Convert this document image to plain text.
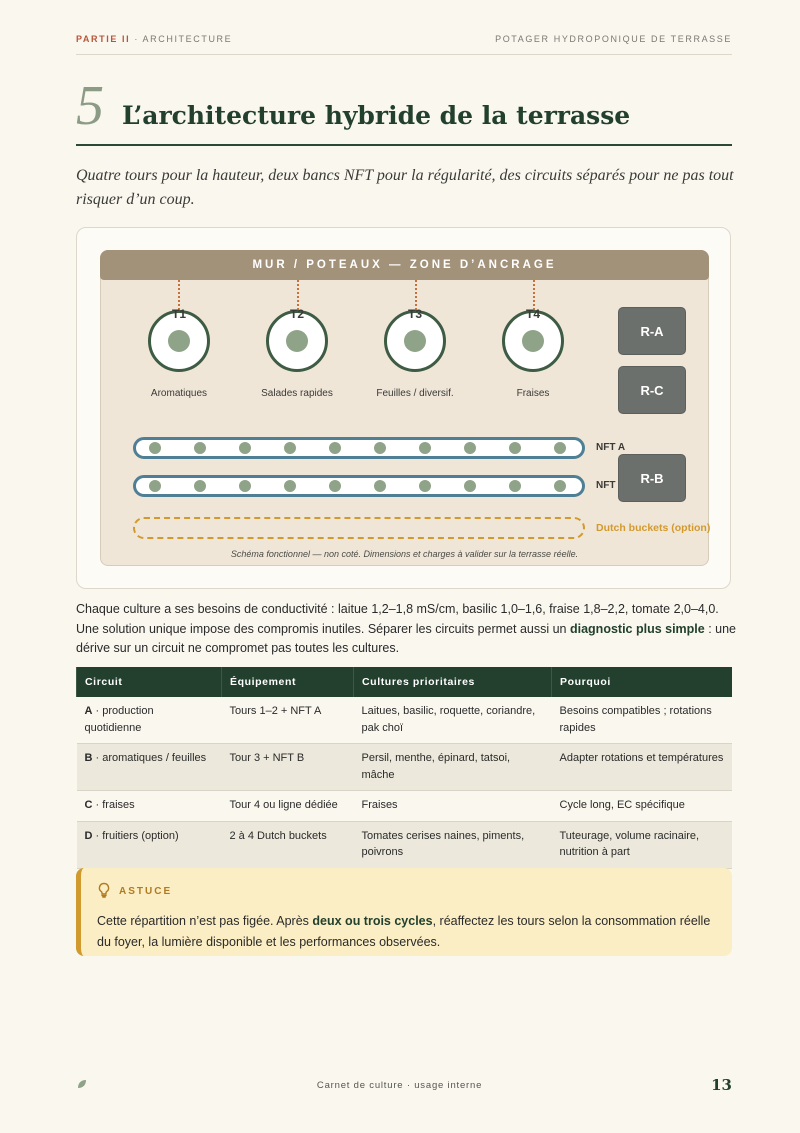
PARTIE II · ARCHITECTURE	POTAGER HYDROPONIQUE DE TERRASSE
5 L’architecture hybride de la terrasse
Quatre tours pour la hauteur, deux bancs NFT pour la régularité, des circuits séparés pour ne pas tout risquer d’un coup.
MUR / POTEAUX — ZONE D’ANCRAGE
T1	T2	T3	T4
Aromatiques	Salades rapides	Feuilles / diversif.	Fraises
R-A
R-C
R-B
NFT A
NFT
Dutch buckets (option)
Schéma fonctionnel — non coté. Dimensions et charges à valider sur la terrasse réelle.
Chaque culture a ses besoins de conductivité : laitue 1,2–1,8 mS/cm, basilic 1,0–1,6, fraise 1,8–2,2, tomate 2,0–4,0. Une solution unique impose des compromis inutiles. Séparer les circuits permet aussi un diagnostic plus simple : une dérive sur un circuit ne compromet pas toutes les cultures.
Circuit	Équipement	Cultures prioritaires	Pourquoi
A · production quotidienne	Tours 1–2 + NFT A	Laitues, basilic, roquette, coriandre, pak choï	Besoins compatibles ; rotations rapides
B · aromatiques / feuilles	Tour 3 + NFT B	Persil, menthe, épinard, tatsoi, mâche	Adapter rotations et températures
C · fraises	Tour 4 ou ligne dédiée	Fraises	Cycle long, EC spécifique
D · fruitiers (option)	2 à 4 Dutch buckets	Tomates cerises naines, piments, poivrons	Tuteurage, volume racinaire, nutrition à part
ASTUCE
Cette répartition n’est pas figée. Après deux ou trois cycles, réaffectez les tours selon la consommation réelle du foyer, la lumière disponible et les performances observées.
Carnet de culture · usage interne	13
